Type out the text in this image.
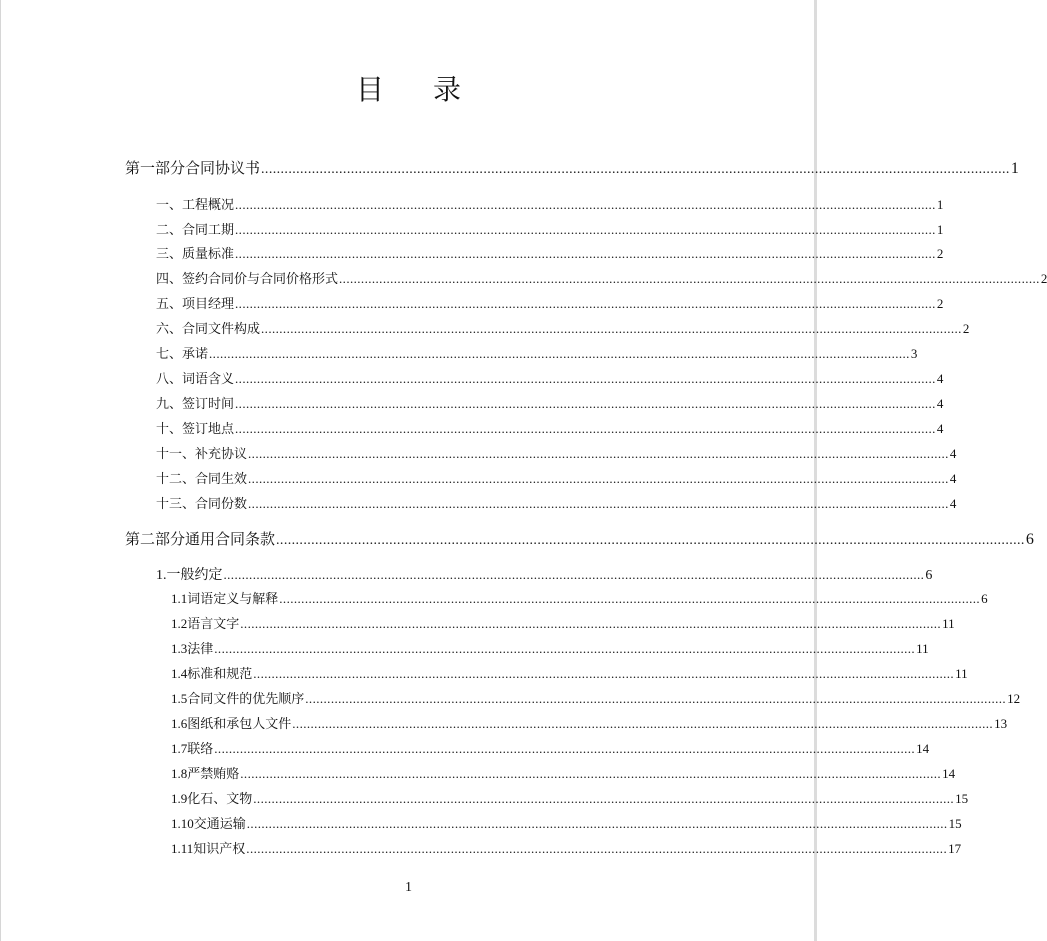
目 录
第一部分 合同协议书 ................................................................................................................................................................................................ 1
一、工程概况 ................................................................................................................................................................................................ 1
二、合同工期 ................................................................................................................................................................................................ 1
三、质量标准 ................................................................................................................................................................................................ 2
四、签约合同价与合同价格形式 ................................................................................................................................................................................................ 2
五、项目经理 ................................................................................................................................................................................................ 2
六、合同文件构成 ................................................................................................................................................................................................ 2
七、承诺 ................................................................................................................................................................................................ 3
八、词语含义 ................................................................................................................................................................................................ 4
九、签订时间 ................................................................................................................................................................................................ 4
十、签订地点 ................................................................................................................................................................................................ 4
十一、补充协议 ................................................................................................................................................................................................ 4
十二、合同生效 ................................................................................................................................................................................................ 4
十三、合同份数 ................................................................................................................................................................................................ 4
第二部分 通用合同条款 ................................................................................................................................................................................................ 6
1. 一般约定 ................................................................................................................................................................................................ 6
1.1 词语定义与解释 ................................................................................................................................................................................................ 6
1.2 语言文字 ................................................................................................................................................................................................ 11
1.3 法律 ................................................................................................................................................................................................ 11
1.4 标准和规范 ................................................................................................................................................................................................ 11
1.5 合同文件的优先顺序 ................................................................................................................................................................................................ 12
1.6 图纸和承包人文件 ................................................................................................................................................................................................ 13
1.7 联络 ................................................................................................................................................................................................ 14
1.8 严禁贿赂 ................................................................................................................................................................................................ 14
1.9 化石、文物 ................................................................................................................................................................................................ 15
1.10 交通运输 ................................................................................................................................................................................................ 15
1.11 知识产权 ................................................................................................................................................................................................ 17
1
